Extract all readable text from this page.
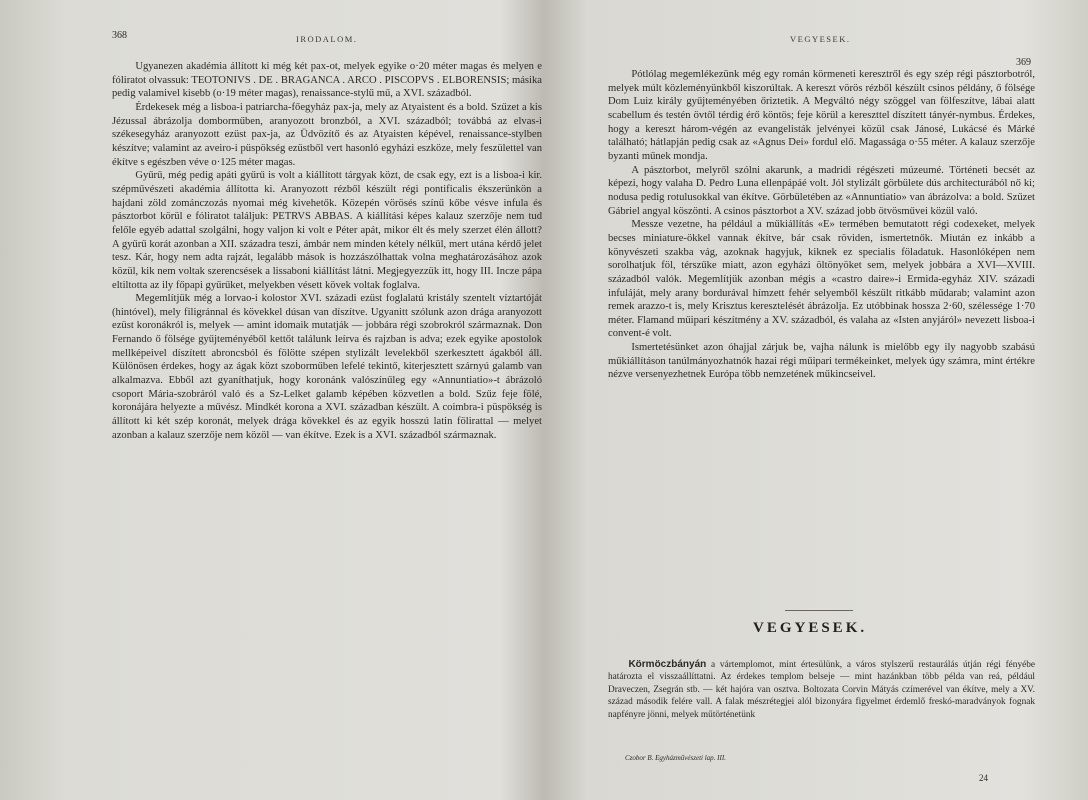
368	IRODALOM.

Ugyanezen akadémia állított ki még két pax-ot, melyek egyike o·20 méter magas és melyen e fóliratot olvassuk: TEOTONIVS . DE . BRAGANCA . ARCO . PISCOPVS . ELBORENSIS; másika pedig valamivel kisebb (o·19 méter magas), renaissance-stylű mű, a XVI. századból.

Érdekesek még a lisboa-i patriarcha-főegyház pax-ja, mely az Atyaistent és a bold. Szűzet a kis Jézussal ábrázolja domborműben, aranyozott bronzból, a XVI. századból; továbbá az elvas-i székesegyház aranyozott ezüst pax-ja, az Üdvözítő és az Atyaisten képével, renaissance-stylben készítve; valamint az aveiro-i püspökség ezüstből vert hasonló egyházi eszköze, mely feszülettel van ékítve s egészben véve o·125 méter magas.

Gyűrű, még pedig apáti gyűrű is volt a kiállított tárgyak közt, de csak egy, ezt is a lisboa-i kir. szépművészeti akadémia állította ki. Aranyozott rézből készült régi pontificalis ékszerünkön a hajdani zöld zománczozás nyomai még kivehetők. Közepén vörösés színű kőbe vésve infula és pásztorbot körül e fóliratot találjuk: PETRVS ABBAS. A kiállítási képes kalauz szerzője nem tud felőle egyéb adattal szolgálni, hogy valjon ki volt e Péter apát, mikor élt és mely szerzet élén állott? A gyűrű korát azonban a XII. századra teszi, ámbár nem minden kétely nélkül, mert utána kérdő jelet tesz. Kár, hogy nem adta rajzát, legalább mások is hozzászólhattak volna meghatározásához azok közül, kik nem voltak szerencsések a lissaboni kiállítást látni. Megjegyezzük itt, hogy III. Incze pápa eltiltotta az ily főpapi gyűrűket, melyekben vésett kövek voltak foglalva.

Megemlítjük még a lorvao-i kolostor XVI. századi ezüst foglalatú kristály szentelt víztartóját (hintóvel), mely filigránnal és kövekkel dúsan van díszítve. Ugyanitt szólunk azon drága aranyozott ezüst koronákról is, melyek — amint idomaik mutatják — jobbára régi szobrokról származnak. Don Fernando ő fölsége gyűjteményéből kettőt találunk leírva és rajzban is adva; ezek egyike apostolok mellképeivel díszített abroncsból és fölötte szépen stylizált levelekből szerkesztett ágakból áll. Különösen érdekes, hogy az ágak közt szoborműben lefelé tekintő, kiterjesztett szárnyú galamb van alkalmazva. Ebből azt gyaníthatjuk, hogy koronánk valószínűleg egy «Annuntiatio»-t ábrázoló csoport Mária-szobráról való és a Sz-Lelket galamb képében közvetlen a bold. Szűz feje fölé, koronájára helyezte a művész. Mindkét korona a XVI. században készült. A coimbra-i püspökség is állított ki két szép koronát, melyek drága kövekkel és az egyik hosszú latin fölirattal — melyet azonban a kalauz szerzője nem közöl — van ékítve. Ezek is a XVI. századból származnak.

VEGYESEK.
369

Pótlólag megemlékezünk még egy román körmeneti keresztről és egy szép régi pásztorbotról, melyek múlt közleményünkből kiszorúltak. A kereszt vörös rézből készült csinos példány, ő fölsége Dom Luiz király gyűjteményében őriztetik. A Megváltó négy szöggel van fölfeszítve, lábai alatt scabellum és testén övtől térdig érő köntös; feje körül a kereszttel díszített tányér-nymbus. Érdekes, hogy a kereszt három-végén az evangelisták jelvényei közül csak Jánosé, Lukácsé és Márké található; hátlapján pedig csak az «Agnus Dei» fordul elő. Magassága o·55 méter. A kalauz szerzője byzanti műnek mondja.

A pásztorbot, melyről szólni akarunk, a madridi régészeti múzeumé. Történeti becsét az képezi, hogy valaha D. Pedro Luna ellenpápáé volt. Jól stylizált görbülete dús architecturából nő ki; nodusa pedig rotulusokkal van ékítve. Görbületében az «Annuntiatio» van ábrázolva: a bold. Szűzet Gábriel angyal köszönti. A csinos pásztorbot a XV. század jobb ötvösművei közül való.

Messze vezetne, ha például a műkiállítás «E» termében bemutatott régi codexeket, melyek becses miniature-ökkel vannak ékítve, bár csak röviden, ismertetnők. Miután ez inkább a könyvészeti szakba vág, azoknak hagyjuk, kiknek ez specialis föladatuk. Hasonlóképen nem sorolhatjuk föl, térszűke miatt, azon egyházi öltönyöket sem, melyek jobbára a XVI—XVIII. századból valók. Megemlítjük azonban mégis a «castro daire»-i Ermida-egyház XIV. századi infuláját, mely arany bordurával hímzett fehér selyemből készült ritkább műdarab; valamint azon remek arazzo-t is, mely Krisztus keresztelését ábrázolja. Ez utóbbinak hossza 2·60, szélessége 1·70 méter. Flamand műipari készítmény a XV. századból, és valaha az «Isten anyjáról» nevezett lisboa-i convent-é volt.

Ismertetésünket azon óhajjal zárjuk be, vajha nálunk is mielőbb egy ily nagyobb szabású műkiállításon tanúlmányozhatnók hazai régi műipari termékeinket, melyek úgy számra, mint értékre nézve versenyezhetnek Európa több nemzetének műkincseivel.

VEGYESEK.

Körmöczbányán a vártemplomot, mint értesülünk, a város stylszerű restaurálás útján régi fényébe határozta el visszaállíttatni. Az érdekes templom belseje — mint hazánkban több példa van reá, például Draveczen, Zsegrán stb. — két hajóra van osztva. Boltozata Corvin Mátyás czímerével van ékítve, mely a XV. század második felére vall. A falak mészrétegjei alól bizonyára figyelmet érdemlő freskó-maradványok fognak napfényre jönni, melyek műtörténetünk

Czobor B. Egyházművészeti lap. III.
24
